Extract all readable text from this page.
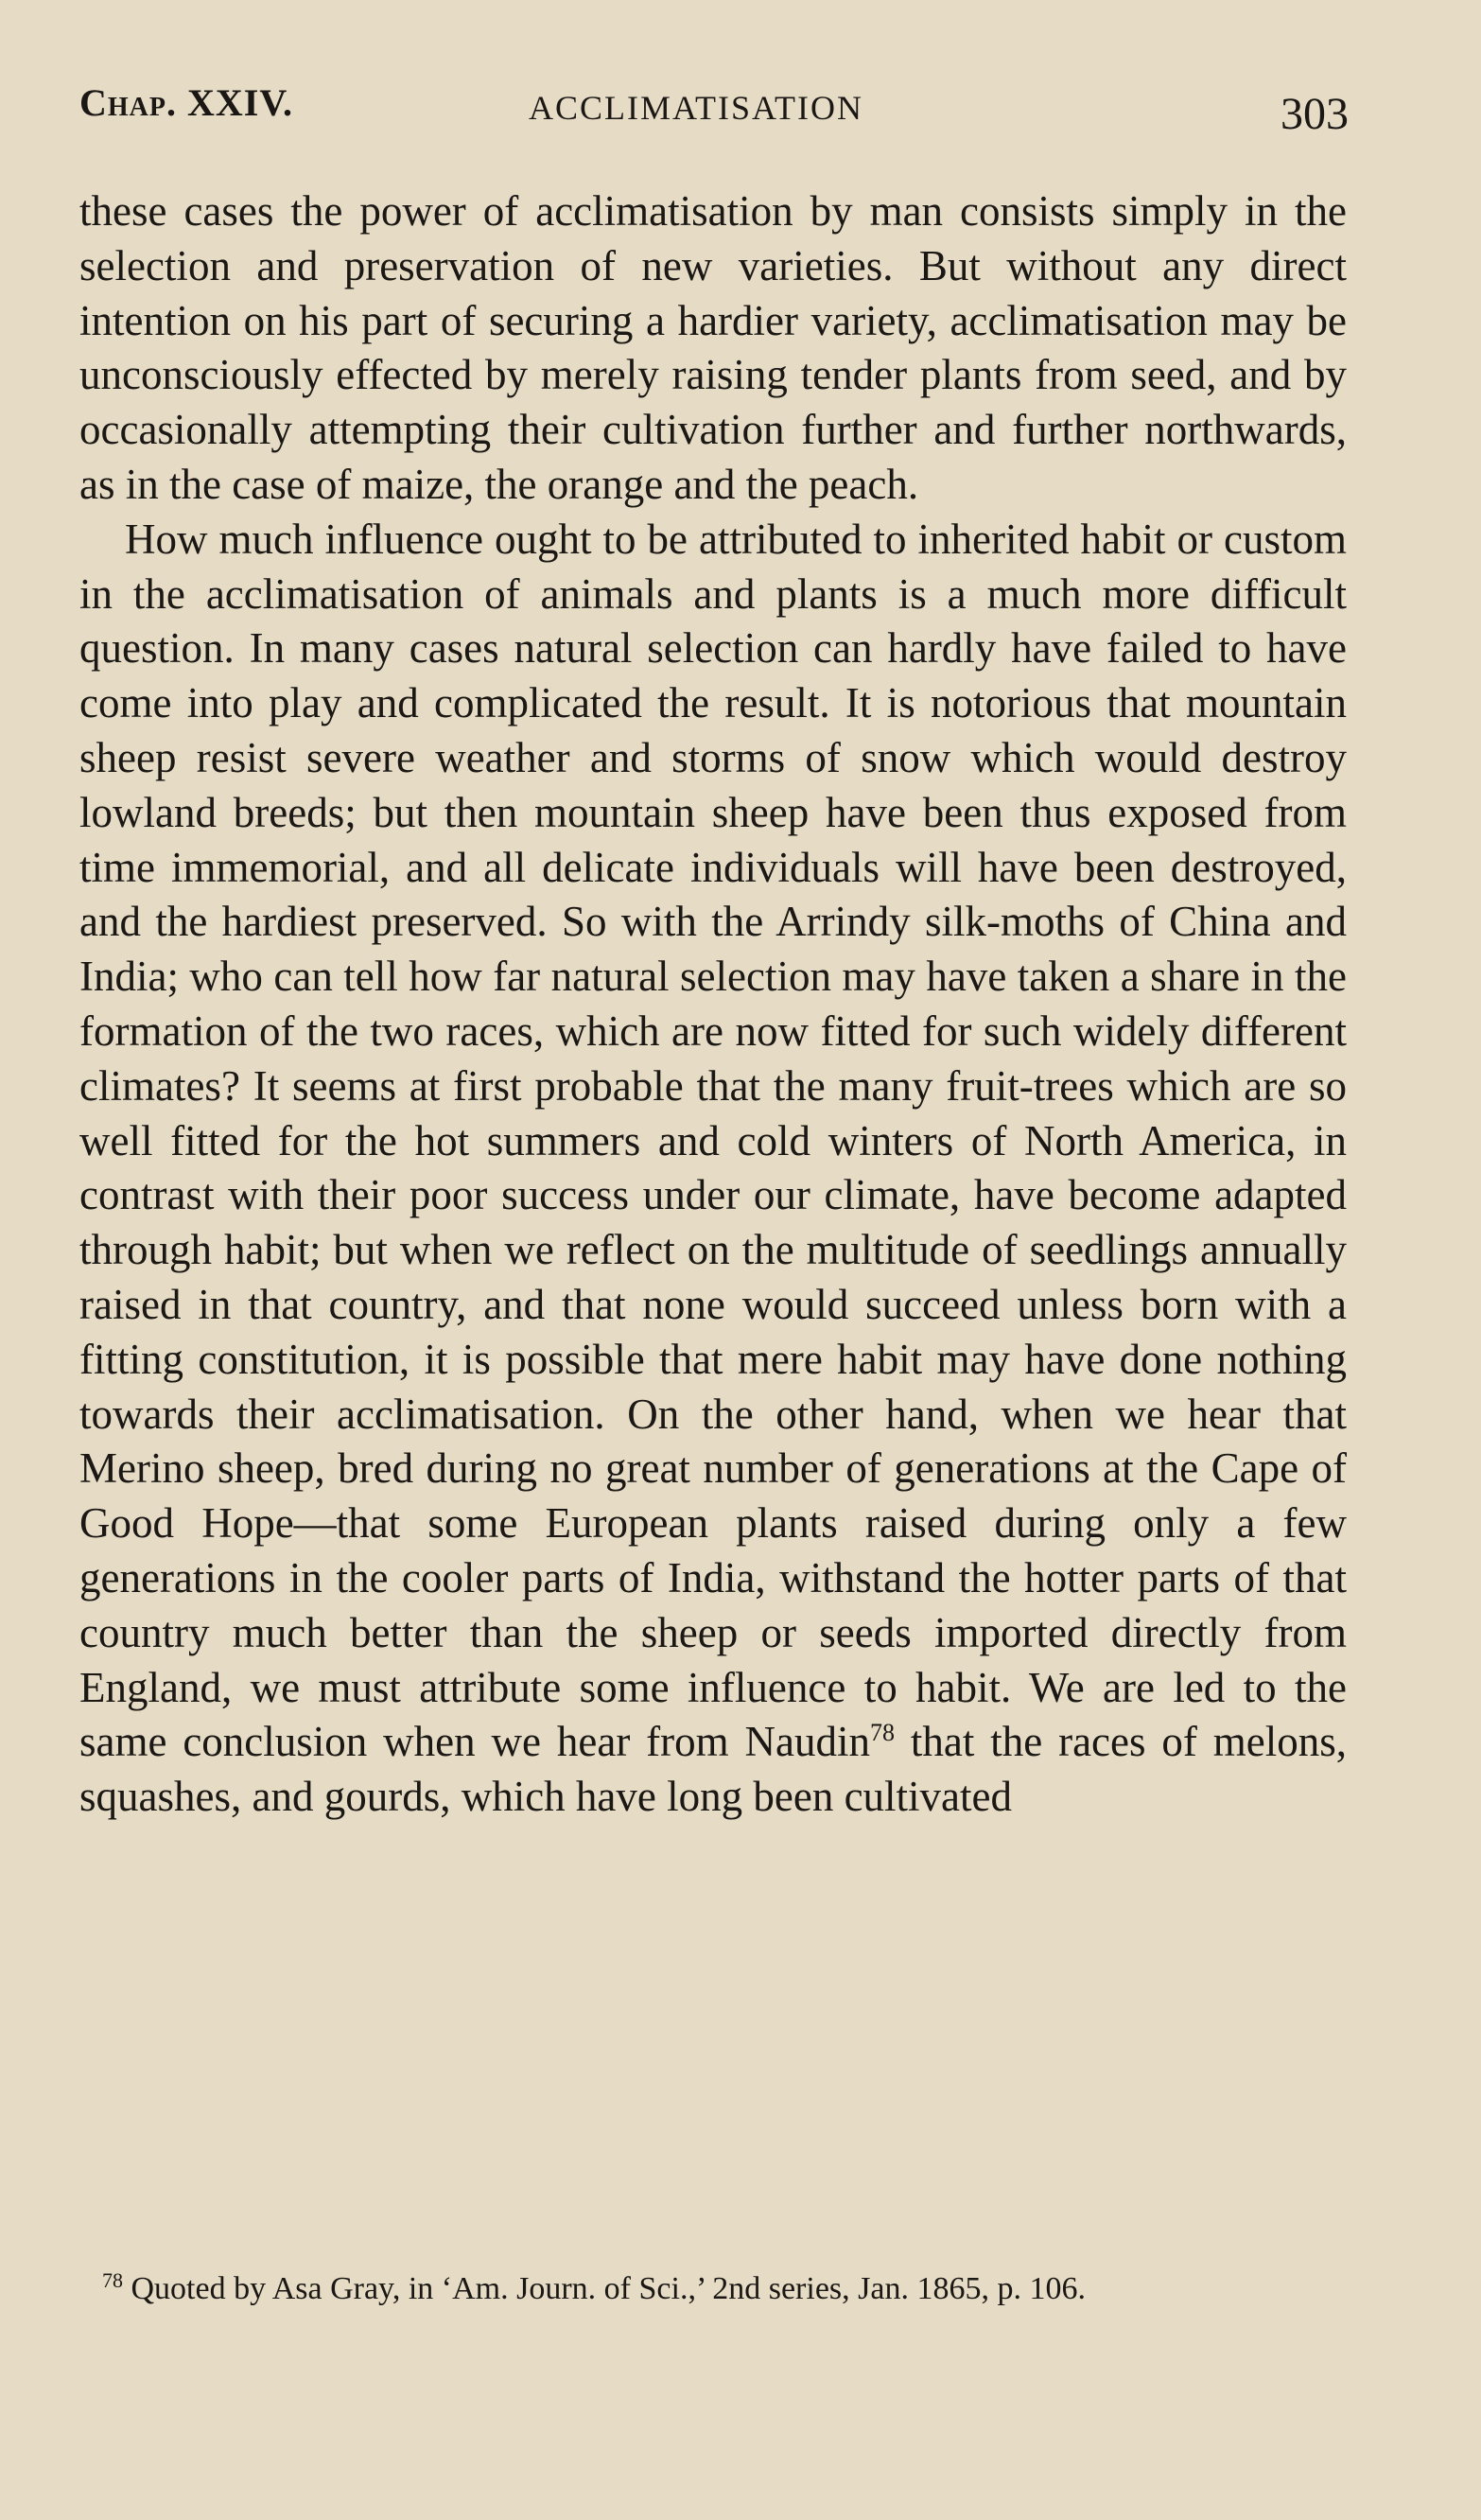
Chap. XXIV.	ACCLIMATISATION	303

these cases the power of acclimatisation by man consists simply in the selection and preservation of new varieties. But without any direct intention on his part of securing a hardier variety, acclimatisation may be unconsciously effected by merely raising tender plants from seed, and by occasionally attempting their cultivation further and further northwards, as in the case of maize, the orange and the peach.

How much influence ought to be attributed to inherited habit or custom in the acclimatisation of animals and plants is a much more difficult question. In many cases natural selection can hardly have failed to have come into play and complicated the result. It is notorious that mountain sheep resist severe weather and storms of snow which would destroy lowland breeds; but then mountain sheep have been thus exposed from time immemorial, and all delicate individuals will have been destroyed, and the hardiest preserved. So with the Arrindy silk-moths of China and India; who can tell how far natural selection may have taken a share in the formation of the two races, which are now fitted for such widely different climates? It seems at first probable that the many fruit-trees which are so well fitted for the hot summers and cold winters of North America, in contrast with their poor success under our climate, have become adapted through habit; but when we reflect on the multitude of seedlings annually raised in that country, and that none would succeed unless born with a fitting constitution, it is possible that mere habit may have done nothing towards their acclimatisation. On the other hand, when we hear that Merino sheep, bred during no great number of generations at the Cape of Good Hope—that some European plants raised during only a few generations in the cooler parts of India, withstand the hotter parts of that country much better than the sheep or seeds imported directly from England, we must attribute some influence to habit. We are led to the same conclusion when we hear from Naudin$^{78}$ that the races of melons, squashes, and gourds, which have long been cultivated

$^{78}$ Quoted by Asa Gray, in ‘Am. Journ. of Sci.,’ 2nd series, Jan. 1865, p. 106.
